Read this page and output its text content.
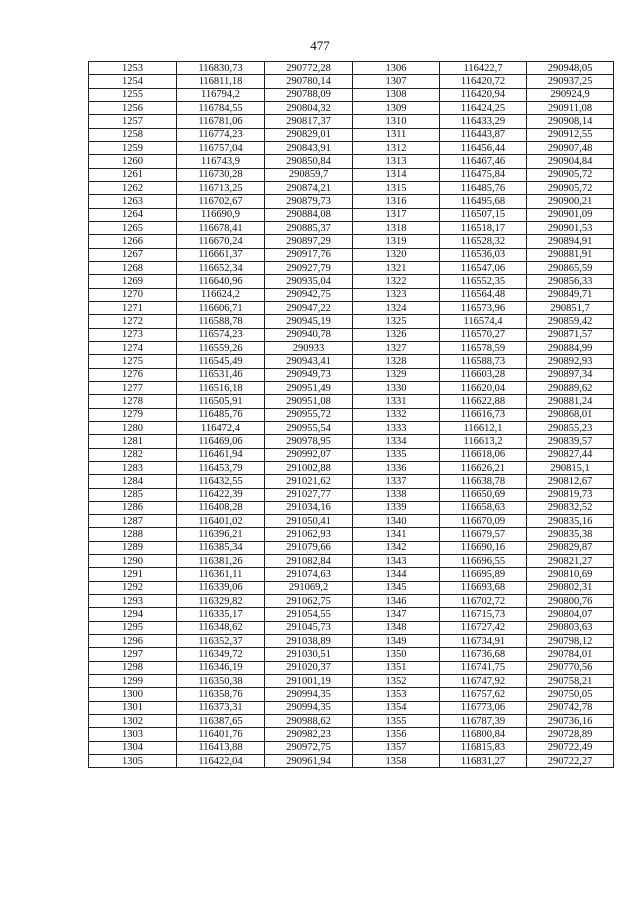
477
1253	116830,73	290772,28	1306	116422,7	290948,05
1254	116811,18	290780,14	1307	116420,72	290937,25
1255	116794,2	290788,09	1308	116420,94	290924,9
1256	116784,55	290804,32	1309	116424,25	290911,08
1257	116781,06	290817,37	1310	116433,29	290908,14
1258	116774,23	290829,01	1311	116443,87	290912,55
1259	116757,04	290843,91	1312	116456,44	290907,48
1260	116743,9	290850,84	1313	116467,46	290904,84
1261	116730,28	290859,7	1314	116475,84	290905,72
1262	116713,25	290874,21	1315	116485,76	290905,72
1263	116702,67	290879,73	1316	116495,68	290900,21
1264	116690,9	290884,08	1317	116507,15	290901,09
1265	116678,41	290885,37	1318	116518,17	290901,53
1266	116670,24	290897,29	1319	116528,32	290894,91
1267	116661,37	290917,76	1320	116536,03	290881,91
1268	116652,34	290927,79	1321	116547,06	290865,59
1269	116640,96	290935,04	1322	116552,35	290856,33
1270	116624,2	290942,75	1323	116564,48	290849,71
1271	116606,71	290947,22	1324	116573,96	290851,7
1272	116588,78	290945,19	1325	116574,4	290859,42
1273	116574,23	290940,78	1326	116570,27	290871,57
1274	116559,26	290933	1327	116578,59	290884,99
1275	116545,49	290943,41	1328	116588,73	290892,93
1276	116531,46	290949,73	1329	116603,28	290897,34
1277	116516,18	290951,49	1330	116620,04	290889,62
1278	116505,91	290951,08	1331	116622,88	290881,24
1279	116485,76	290955,72	1332	116616,73	290868,01
1280	116472,4	290955,54	1333	116612,1	290855,23
1281	116469,06	290978,95	1334	116613,2	290839,57
1282	116461,94	290992,07	1335	116618,06	290827,44
1283	116453,79	291002,88	1336	116626,21	290815,1
1284	116432,55	291021,62	1337	116638,78	290812,67
1285	116422,39	291027,77	1338	116650,69	290819,73
1286	116408,28	291034,16	1339	116658,63	290832,52
1287	116401,02	291050,41	1340	116670,09	290835,16
1288	116396,21	291062,93	1341	116679,57	290835,38
1289	116385,34	291079,66	1342	116690,16	290829,87
1290	116381,26	291082,84	1343	116696,55	290821,27
1291	116361,11	291074,63	1344	116695,89	290810,69
1292	116339,06	291069,2	1345	116693,68	290802,31
1293	116329,82	291062,75	1346	116702,72	290800,76
1294	116335,17	291054,55	1347	116715,73	290804,07
1295	116348,62	291045,73	1348	116727,42	290803,63
1296	116352,37	291038,89	1349	116734,91	290798,12
1297	116349,72	291030,51	1350	116736,68	290784,01
1298	116346,19	291020,37	1351	116741,75	290770,56
1299	116350,38	291001,19	1352	116747,92	290758,21
1300	116358,76	290994,35	1353	116757,62	290750,05
1301	116373,31	290994,35	1354	116773,06	290742,78
1302	116387,65	290988,62	1355	116787,39	290736,16
1303	116401,76	290982,23	1356	116800,84	290728,89
1304	116413,88	290972,75	1357	116815,83	290722,49
1305	116422,04	290961,94	1358	116831,27	290722,27
